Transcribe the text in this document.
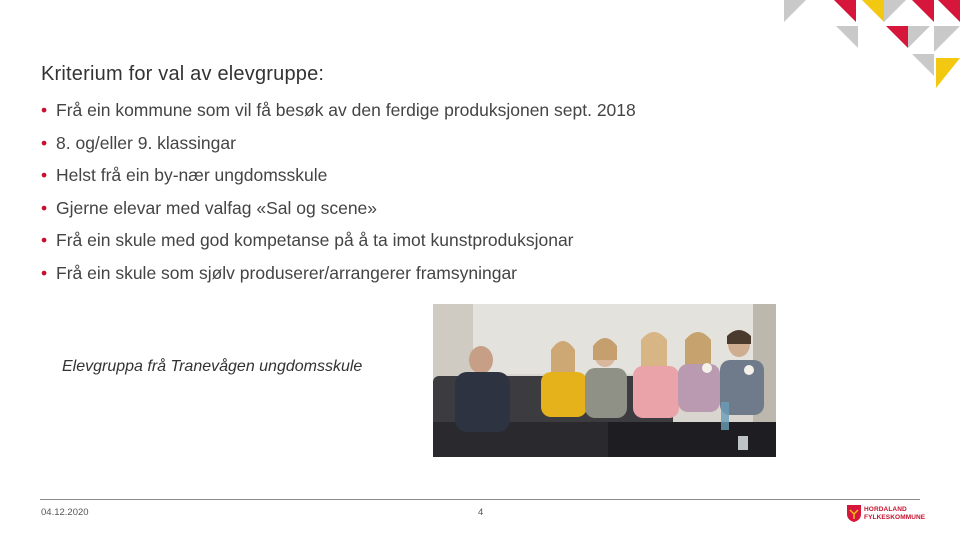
Kriterium for val av elevgruppe:
• Frå ein kommune som vil få besøk av den ferdige produksjonen sept. 2018
• 8. og/eller 9. klassingar
• Helst frå ein by-nær ungdomsskule
• Gjerne elevar med valfag «Sal og scene»
• Frå ein skule med god kompetanse på å ta imot kunstproduksjonar
• Frå ein skule som sjølv produserer/arrangerer framsyningar
Elevgruppa frå Tranevågen ungdomsskule
04.12.2020	4	HORDALAND
FYLKESKOMMUNE
